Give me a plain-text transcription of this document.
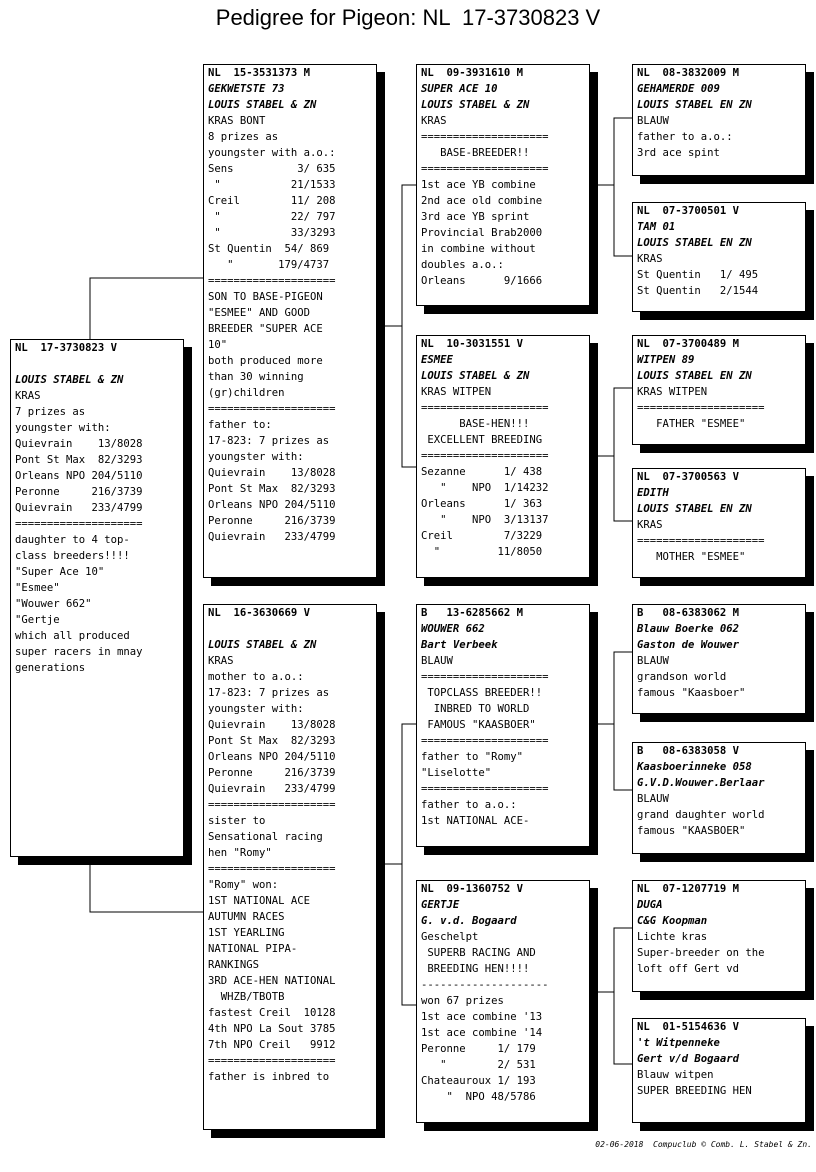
Pedigree for Pigeon: NL  17-3730823 V
NL  17-3730823 V
LOUIS STABEL & ZN
KRAS
7 prizes as
youngster with:
Quievrain    13/8028
Pont St Max  82/3293
Orleans NPO 204/5110
Peronne     216/3739
Quievrain   233/4799
====================
daughter to 4 top-
class breeders!!!!
"Super Ace 10"
"Esmee"
"Wouwer 662"
"Gertje
which all produced
super racers in mnay
generations
NL  15-3531373 M
GEKWETSTE 73
LOUIS STABEL & ZN
KRAS BONT
8 prizes as
youngster with a.o.:
Sens          3/ 635
"           21/1533
Creil        11/ 208
"           22/ 797
"           33/3293
St Quentin  54/ 869
"       179/4737
====================
SON TO BASE-PIGEON
"ESMEE" AND GOOD
BREEDER "SUPER ACE
10"
both produced more
than 30 winning
(gr)children
====================
father to:
17-823: 7 prizes as
youngster with:
Quievrain    13/8028
Pont St Max  82/3293
Orleans NPO 204/5110
Peronne     216/3739
Quievrain   233/4799
NL  16-3630669 V
LOUIS STABEL & ZN
KRAS
mother to a.o.:
17-823: 7 prizes as
youngster with:
Quievrain    13/8028
Pont St Max  82/3293
Orleans NPO 204/5110
Peronne     216/3739
Quievrain   233/4799
====================
sister to
Sensational racing
hen "Romy"
====================
"Romy" won:
1ST NATIONAL ACE
AUTUMN RACES
1ST YEARLING
NATIONAL PIPA-
RANKINGS
3RD ACE-HEN NATIONAL
WHZB/TBOTB
fastest Creil  10128
4th NPO La Sout 3785
7th NPO Creil   9912
====================
father is inbred to
NL  09-3931610 M
SUPER ACE 10
LOUIS STABEL & ZN
KRAS
====================
BASE-BREEDER!!
====================
1st ace YB combine
2nd ace old combine
3rd ace YB sprint
Provincial Brab2000
in combine without
doubles a.o.:
Orleans      9/1666
NL  10-3031551 V
ESMEE
LOUIS STABEL & ZN
KRAS WITPEN
====================
BASE-HEN!!!
EXCELLENT BREEDING
====================
Sezanne      1/ 438
"    NPO  1/14232
Orleans      1/ 363
"    NPO  3/13137
Creil        7/3229
"         11/8050
B   13-6285662 M
WOUWER 662
Bart Verbeek
BLAUW
====================
TOPCLASS BREEDER!!
INBRED TO WORLD
FAMOUS "KAASBOER"
====================
father to "Romy"
"Liselotte"
====================
father to a.o.:
1st NATIONAL ACE-
NL  09-1360752 V
GERTJE
G. v.d. Bogaard
Geschelpt
SUPERB RACING AND
BREEDING HEN!!!!
--------------------
won 67 prizes
1st ace combine '13
1st ace combine '14
Peronne     1/ 179
"        2/ 531
Chateauroux 1/ 193
"  NPO 48/5786
NL  08-3832009 M
GEHAMERDE 009
LOUIS STABEL EN ZN
BLAUW
father to a.o.:
3rd ace spint
NL  07-3700501 V
TAM 01
LOUIS STABEL EN ZN
KRAS
St Quentin   1/ 495
St Quentin   2/1544
NL  07-3700489 M
WITPEN 89
LOUIS STABEL EN ZN
KRAS WITPEN
====================
FATHER "ESMEE"
NL  07-3700563 V
EDITH
LOUIS STABEL EN ZN
KRAS
====================
MOTHER "ESMEE"
B   08-6383062 M
Blauw Boerke 062
Gaston de Wouwer
BLAUW
grandson world
famous "Kaasboer"
B   08-6383058 V
Kaasboerinneke 058
G.V.D.Wouwer.Berlaar
BLAUW
grand daughter world
famous "KAASBOER"
NL  07-1207719 M
DUGA
C&G Koopman
Lichte kras
Super-breeder on the
loft off Gert vd
NL  01-5154636 V
't Witpenneke
Gert v/d Bogaard
Blauw witpen
SUPER BREEDING HEN
02-06-2018  Compuclub © Comb. L. Stabel & Zn.
